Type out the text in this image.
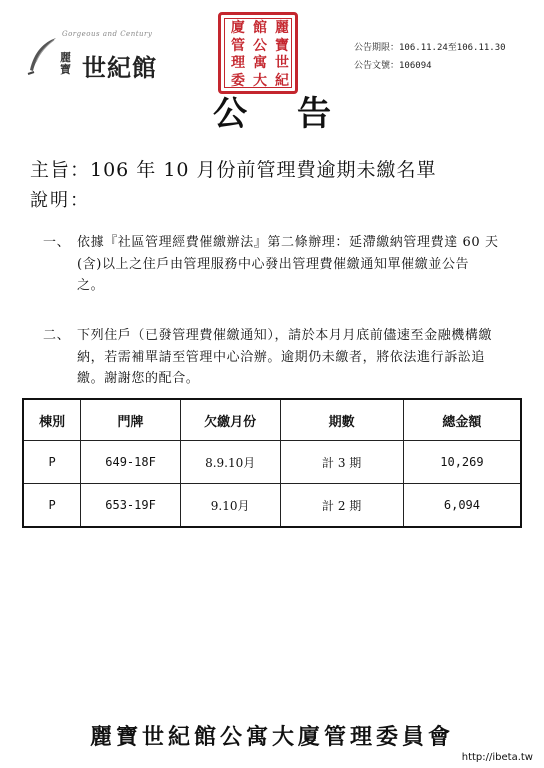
Gorgeous and Century
麗寶 世紀館
麗
寶
世
紀
館
公
寓
大
廈
管
理
委
公告期限：106.11.24至106.11.30
公告文號：106094
公告
主旨：106 年 10 月份前管理費逾期未繳名單
說明：
一、 依據『社區管理經費催繳辦法』第二條辦理：延滯繳納管理費達 60 天
(含)以上之住戶由管理服務中心發出管理費催繳通知單催繳並公告
之。
二、 下列住戶（已發管理費催繳通知），請於本月月底前儘速至金融機構繳
納，若需補單請至管理中心洽辦。逾期仍未繳者，將依法進行訴訟追
繳。謝謝您的配合。
棟別	門牌	欠繳月份	期數	總金額
P	649-18F	8.9.10月	計 3 期	10,269
P	653-19F	9.10月	計 2 期	6,094
麗寶世紀館公寓大廈管理委員會
http://ibeta.tw
